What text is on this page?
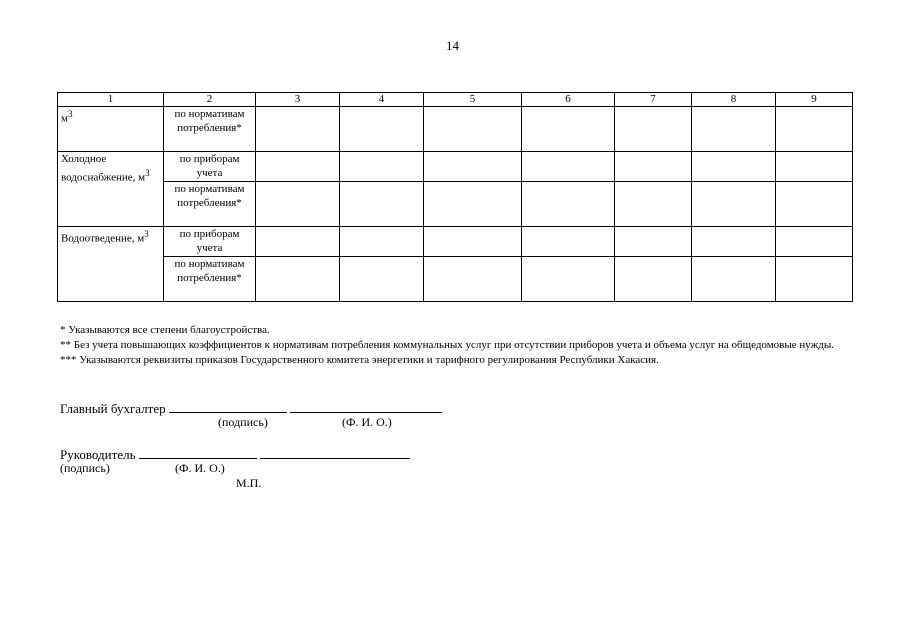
14
1	2	3	4	5	6	7	8	9
$м^3$	по нормативам потребления*							
Холодное водоснабжение, $м^3$	по приборам учета							
	по нормативам потребления*							
Водоотведение, $м^3$	по приборам учета							
	по нормативам потребления*							

* Указываются все степени благоустройства.

** Без учета повышающих коэффициентов к нормативам потребления коммунальных услуг при отсутствии приборов учета и объема услуг на общедомовые нужды.

*** Указываются реквизиты приказов Государственного комитета энергетики и тарифного регулирования Республики Хакасия.

Главный бухгалтер
(подпись)	(Ф. И. О.)
Руководитель
(подпись)	(Ф. И. О.)
М.П.
